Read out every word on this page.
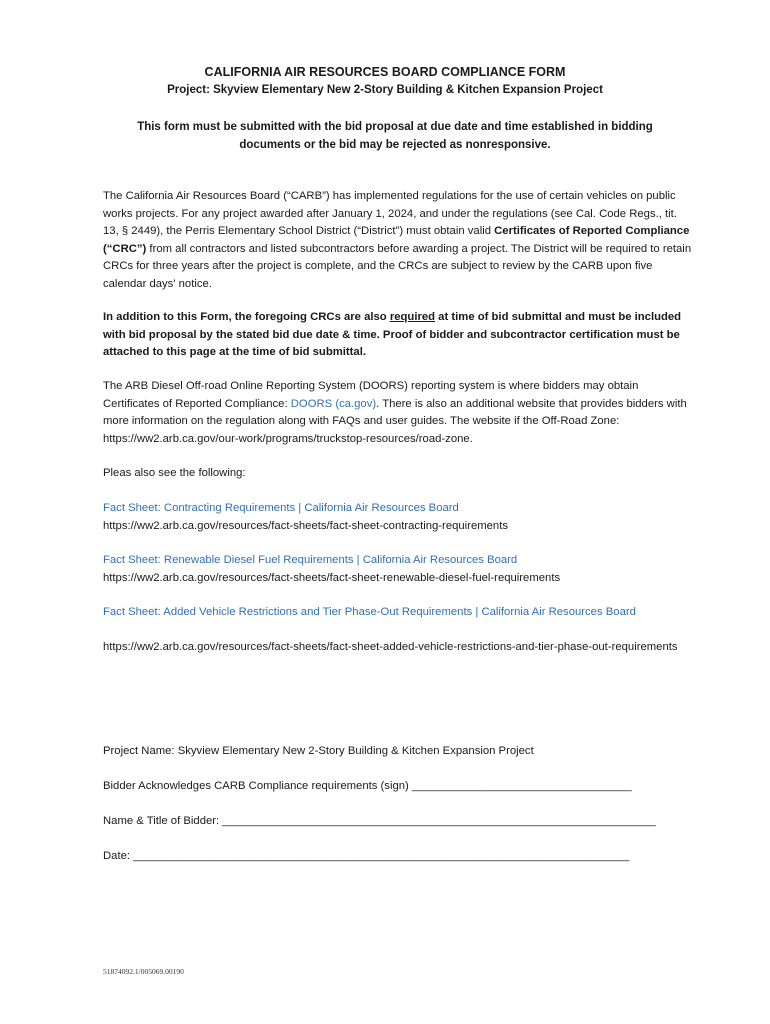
CALIFORNIA AIR RESOURCES BOARD COMPLIANCE FORM
Project: Skyview Elementary New 2-Story Building & Kitchen Expansion Project
This form must be submitted with the bid proposal at due date and time established in bidding documents or the bid may be rejected as nonresponsive.
The California Air Resources Board (“CARB”) has implemented regulations for the use of certain vehicles on public works projects. For any project awarded after January 1, 2024, and under the regulations (see Cal. Code Regs., tit. 13, § 2449), the Perris Elementary School District (“District”) must obtain valid Certificates of Reported Compliance (“CRC”) from all contractors and listed subcontractors before awarding a project. The District will be required to retain CRCs for three years after the project is complete, and the CRCs are subject to review by the CARB upon five calendar days' notice.
In addition to this Form, the foregoing CRCs are also required at time of bid submittal and must be included with bid proposal by the stated bid due date & time. Proof of bidder and subcontractor certification must be attached to this page at the time of bid submittal.
The ARB Diesel Off-road Online Reporting System (DOORS) reporting system is where bidders may obtain Certificates of Reported Compliance: DOORS (ca.gov). There is also an additional website that provides bidders with more information on the regulation along with FAQs and user guides. The website if the Off-Road Zone: https://ww2.arb.ca.gov/our-work/programs/truckstop-resources/road-zone.
Pleas also see the following:
Fact Sheet: Contracting Requirements | California Air Resources Board
https://ww2.arb.ca.gov/resources/fact-sheets/fact-sheet-contracting-requirements
Fact Sheet: Renewable Diesel Fuel Requirements | California Air Resources Board
https://ww2.arb.ca.gov/resources/fact-sheets/fact-sheet-renewable-diesel-fuel-requirements
Fact Sheet: Added Vehicle Restrictions and Tier Phase-Out Requirements | California Air Resources Board
https://ww2.arb.ca.gov/resources/fact-sheets/fact-sheet-added-vehicle-restrictions-and-tier-phase-out-requirements
Project Name: Skyview Elementary New 2-Story Building & Kitchen Expansion Project
Bidder Acknowledges CARB Compliance requirements (sign) ___________________________________
Name & Title of Bidder: _____________________________________________________________________
Date: _______________________________________________________________________________
51874092.1/005069.00190
